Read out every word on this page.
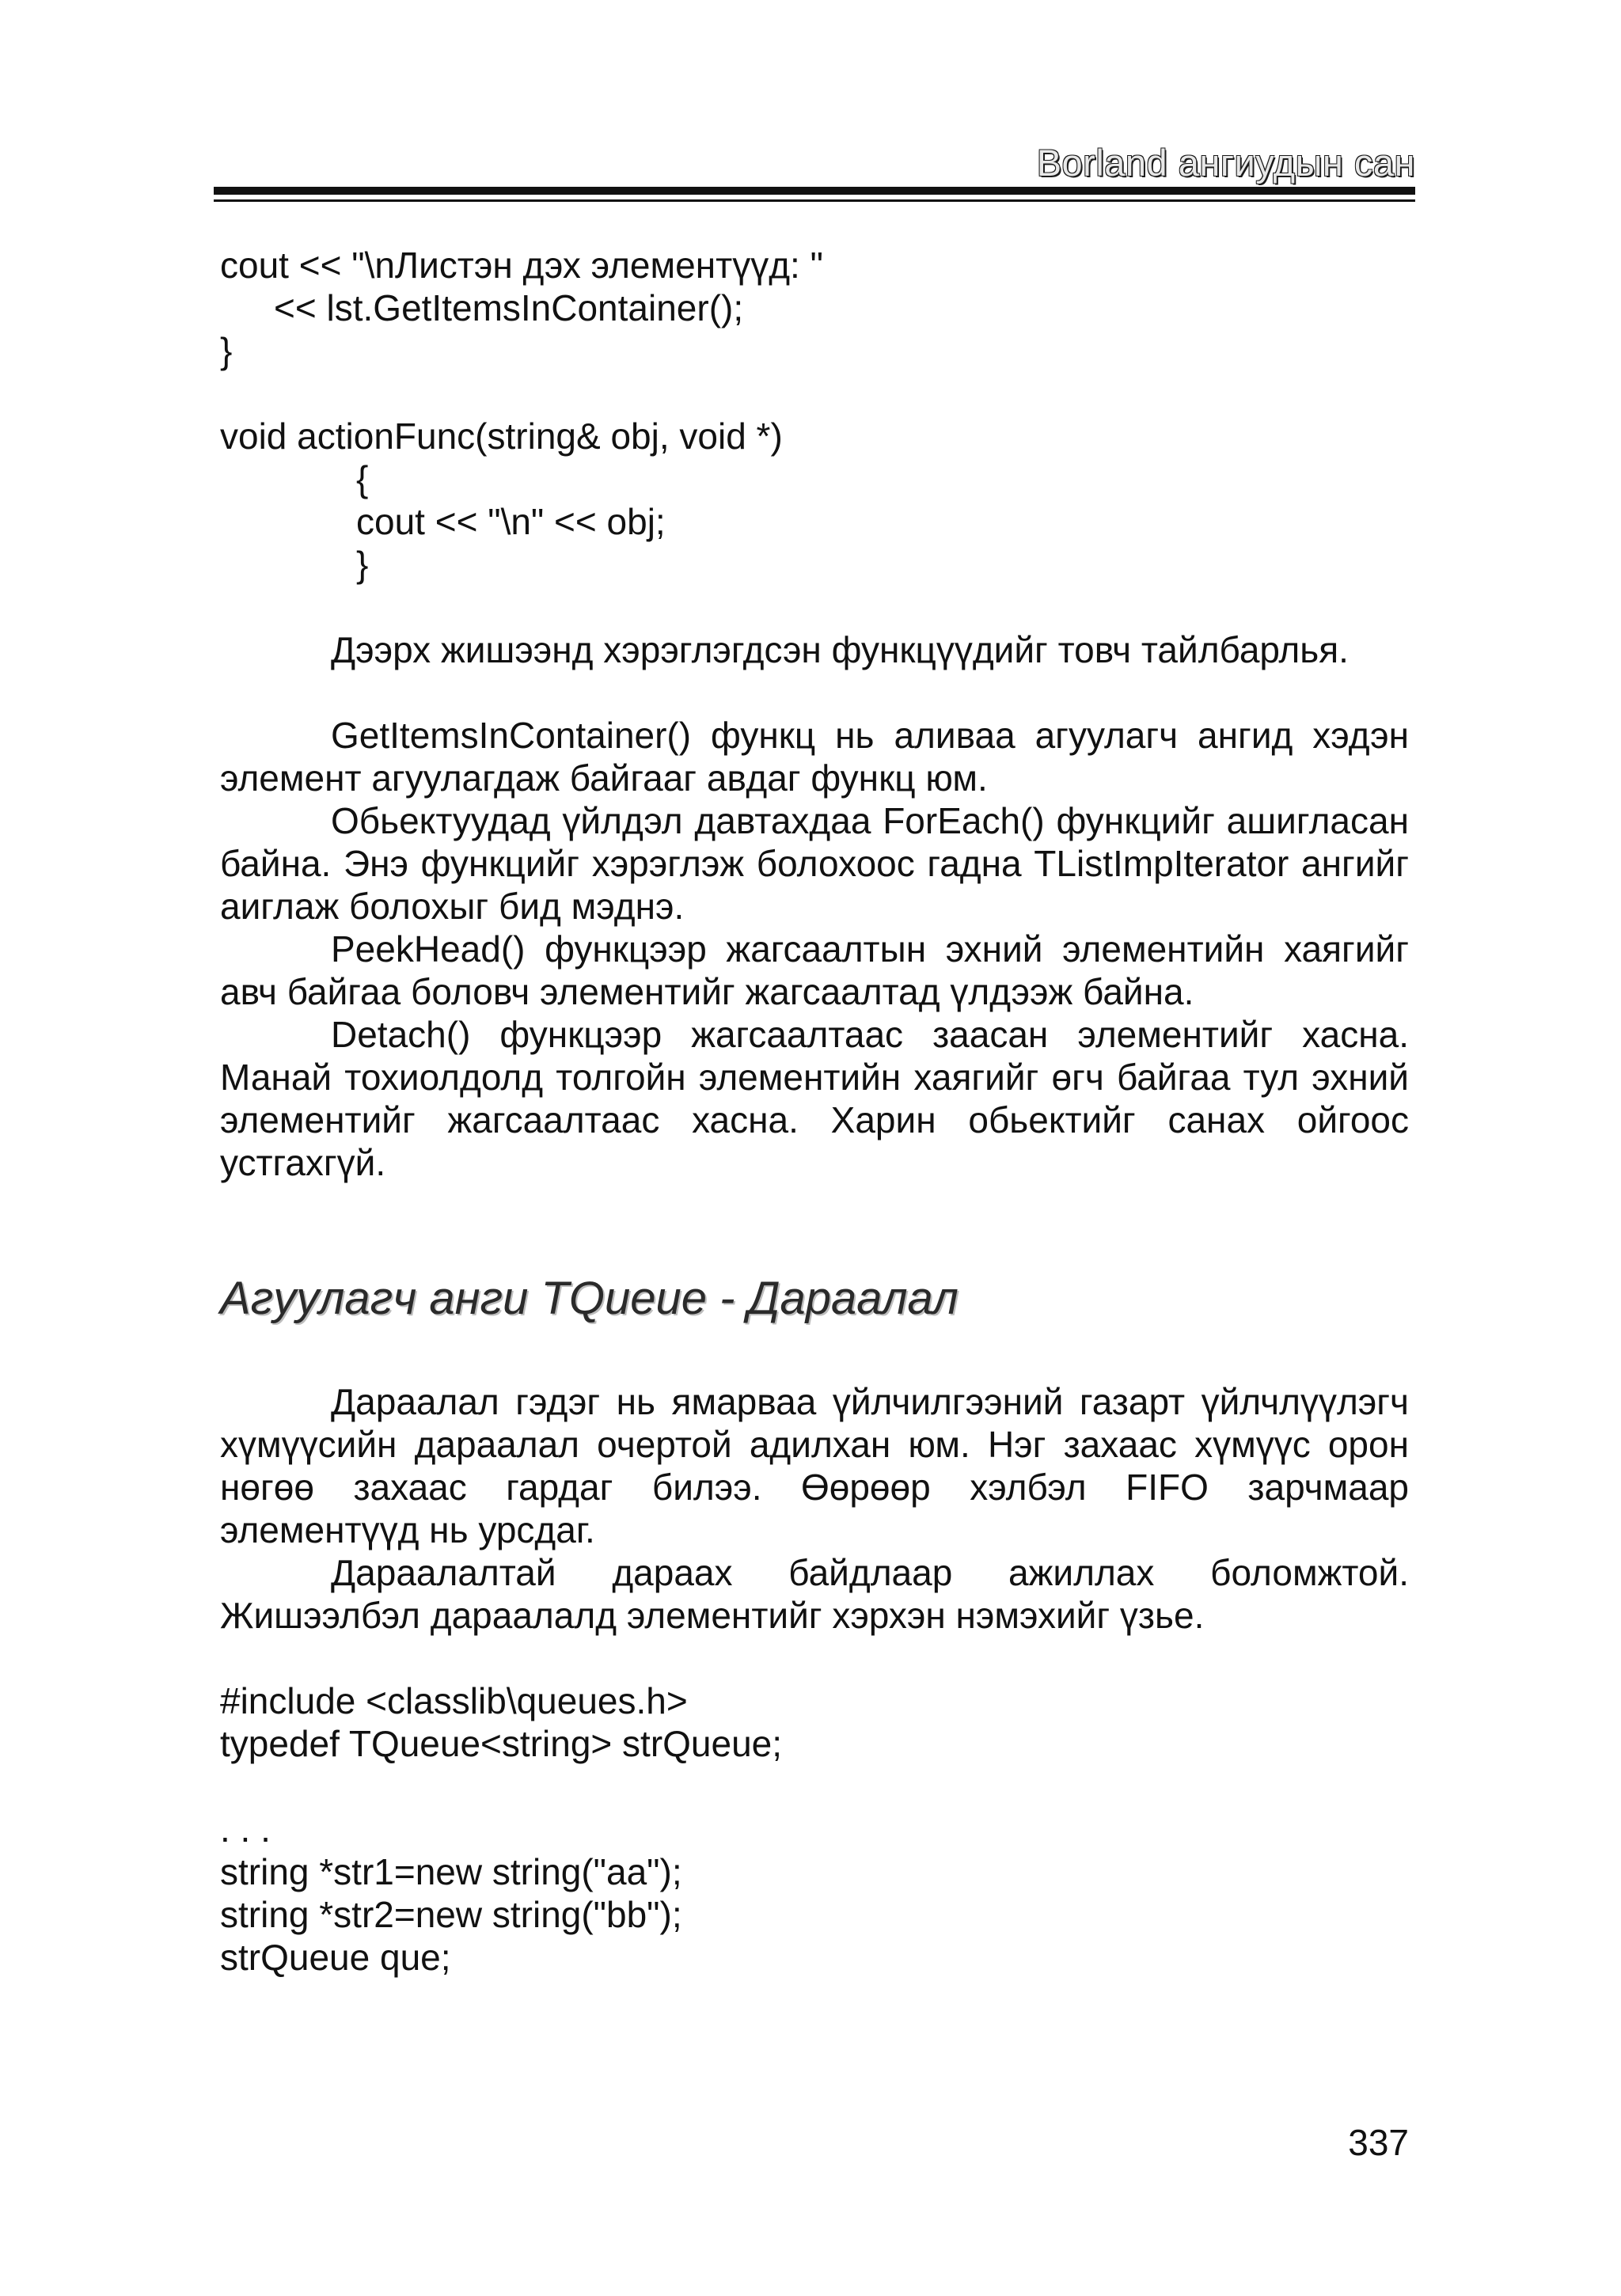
Borland ангиудын сан
cout << "\nЛистэн дэх элементүүд: "
<< lst.GetItemsInContainer();
}
void actionFunc(string& obj, void *)
{
cout << "\n" << obj;
}

Дээрх жишээнд хэрэглэгдсэн функцүүдийг товч тайлбарлья.

GetItemsInContainer() функц нь аливаа агуулагч ангид хэдэн элемент агуулагдаж байгааг авдаг функц юм.

Обьектуудад үйлдэл давтахдаа ForEach() функцийг ашигласан байна. Энэ функцийг хэрэглэж болохоос гадна TListImpIterator ангийг аиглаж болохыг бид мэднэ.

PeekHead() функцээр жагсаалтын эхний элементийн хаягийг авч байгаа боловч элементийг жагсаалтад үлдээж байна.

Detach() функцээр жагсаалтаас заасан элементийг хасна. Манай тохиолдолд толгойн элементийн хаягийг өгч байгаа тул эхний элементийг жагсаалтаас хасна. Харин обьектийг санах ойгоос устгахгүй.

Агуулагч анги TQueue - Дараалал

Дараалал гэдэг нь ямарваа үйлчилгээний газарт үйлчлүүлэгч хүмүүсийн дараалал очертой адилхан юм. Нэг захаас хүмүүс орон нөгөө захаас гардаг билээ. Өөрөөр хэлбэл FIFO зарчмаар элементүүд нь урсдаг.

Дараалалтай дараах байдлаар ажиллах боломжтой. Жишээлбэл дараалалд элементийг хэрхэн нэмэхийг үзье.

#include <classlib\queues.h>
typedef TQueue<string> strQueue;
. . .
string *str1=new string("aa");
string *str2=new string("bb");
strQueue que;
337
